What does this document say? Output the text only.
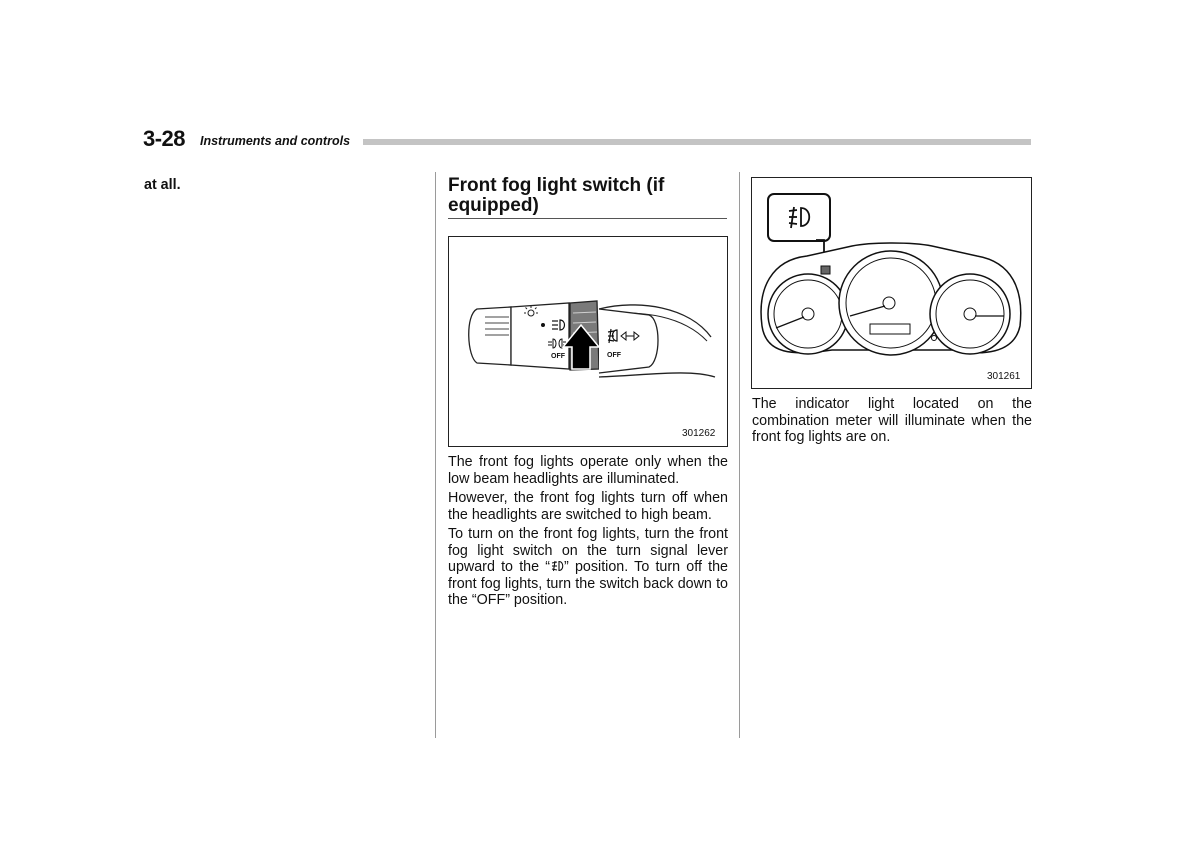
3-28 Instruments and controls
at all.	Front fog light switch (if equipped)
OFF	OFF
301262

The front fog lights operate only when the low beam headlights are illuminated.

However, the front fog lights turn off when the headlights are switched to high beam.

To turn on the front fog lights, turn the front fog light switch on the turn signal lever upward to the “ ” position. To turn off the front fog lights, turn the switch back down to the “OFF” position.

301261

The indicator light located on the combination meter will illuminate when the front fog lights are on.
